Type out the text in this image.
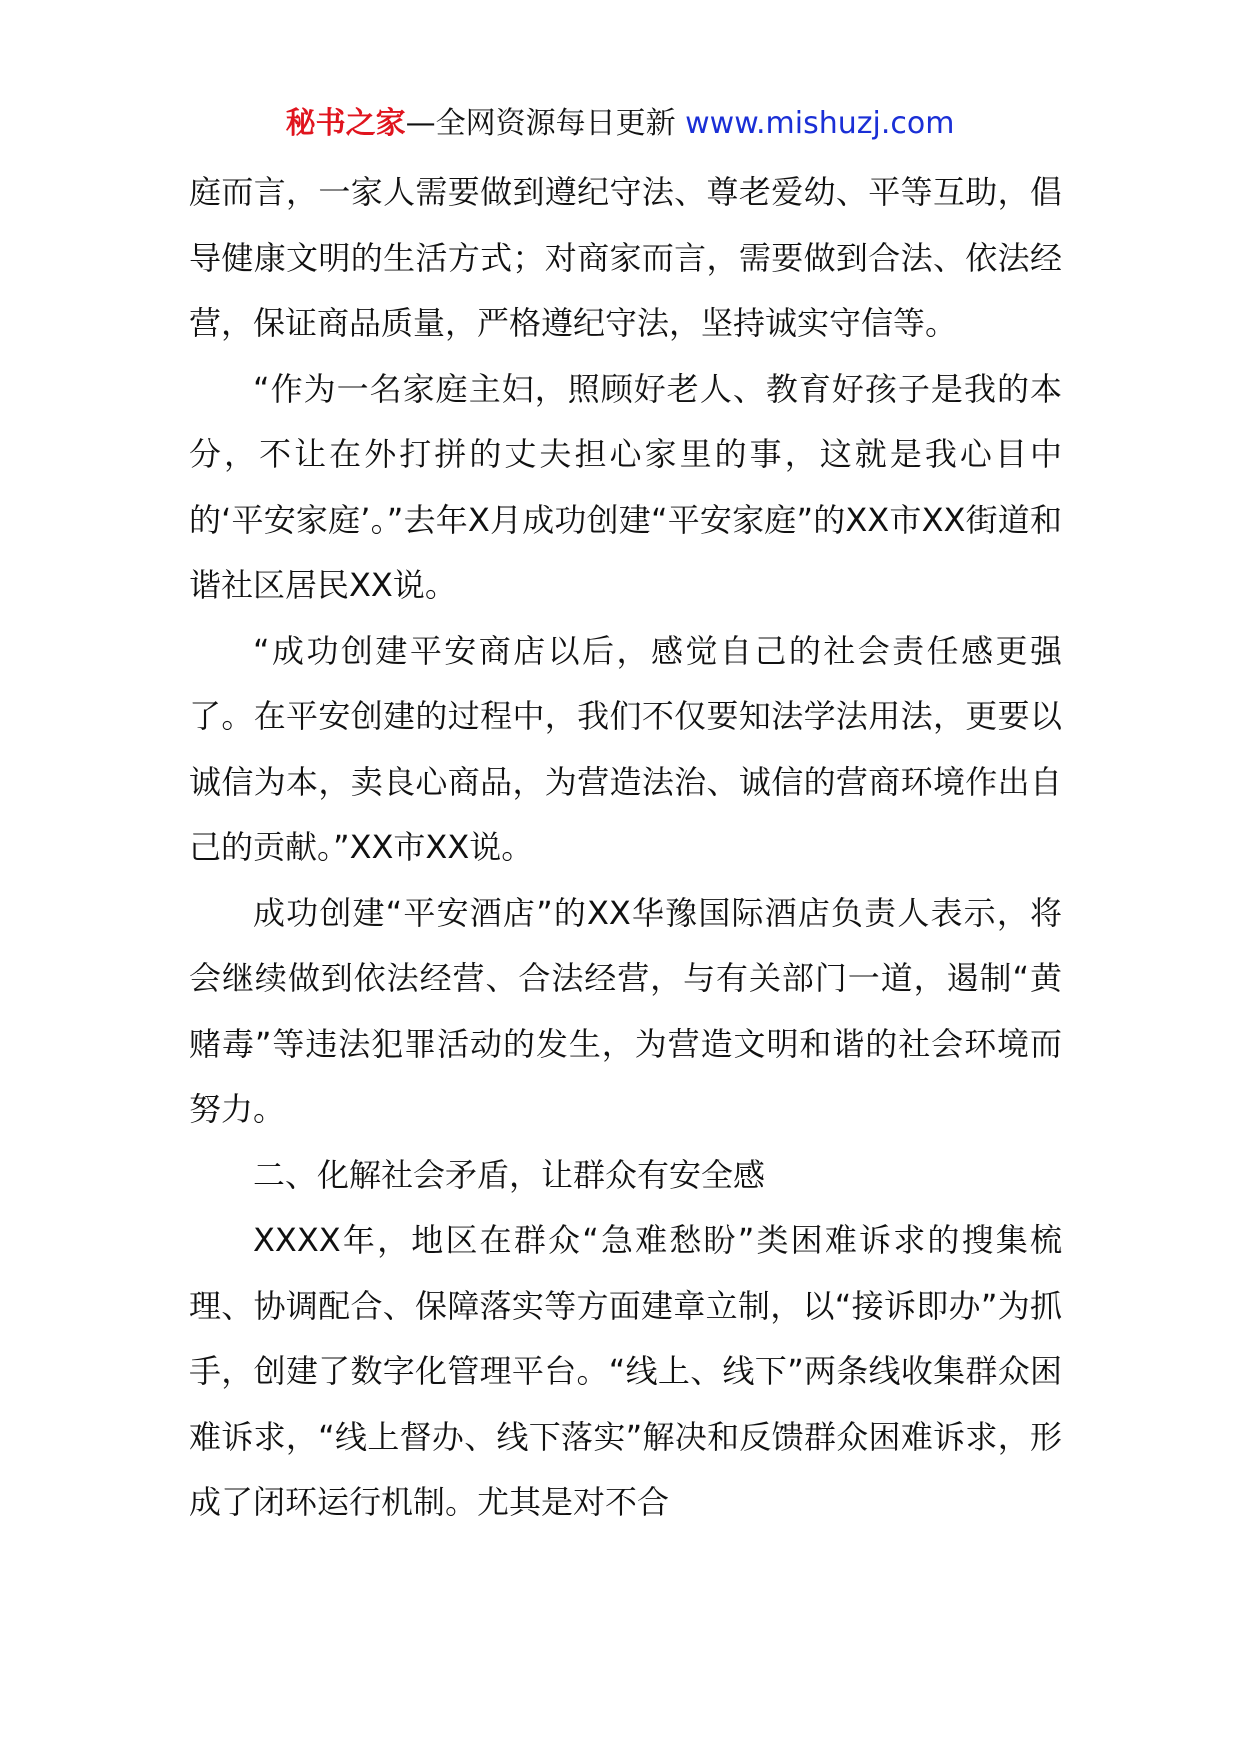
秘书之家—全网资源每日更新 www.mishuzj.com

庭而言，一家人需要做到遵纪守法、尊老爱幼、平等互助，倡导健康文明的生活方式；对商家而言，需要做到合法、依法经营，保证商品质量，严格遵纪守法，坚持诚实守信等。

“作为一名家庭主妇，照顾好老人、教育好孩子是我的本分，不让在外打拼的丈夫担心家里的事，这就是我心目中的‘平安家庭’。”去年X月成功创建“平安家庭”的XX市XX街道和谐社区居民XX说。

“成功创建平安商店以后，感觉自己的社会责任感更强了。在平安创建的过程中，我们不仅要知法学法用法，更要以诚信为本，卖良心商品，为营造法治、诚信的营商环境作出自己的贡献。”XX市XX说。

成功创建“平安酒店”的XX华豫国际酒店负责人表示，将会继续做到依法经营、合法经营，与有关部门一道，遏制“黄赌毒”等违法犯罪活动的发生，为营造文明和谐的社会环境而努力。

二、化解社会矛盾，让群众有安全感

XXXX年，地区在群众“急难愁盼”类困难诉求的搜集梳理、协调配合、保障落实等方面建章立制，以“接诉即办”为抓手，创建了数字化管理平台。“线上、线下”两条线收集群众困难诉求，“线上督办、线下落实”解决和反馈群众困难诉求，形成了闭环运行机制。尤其是对不合
